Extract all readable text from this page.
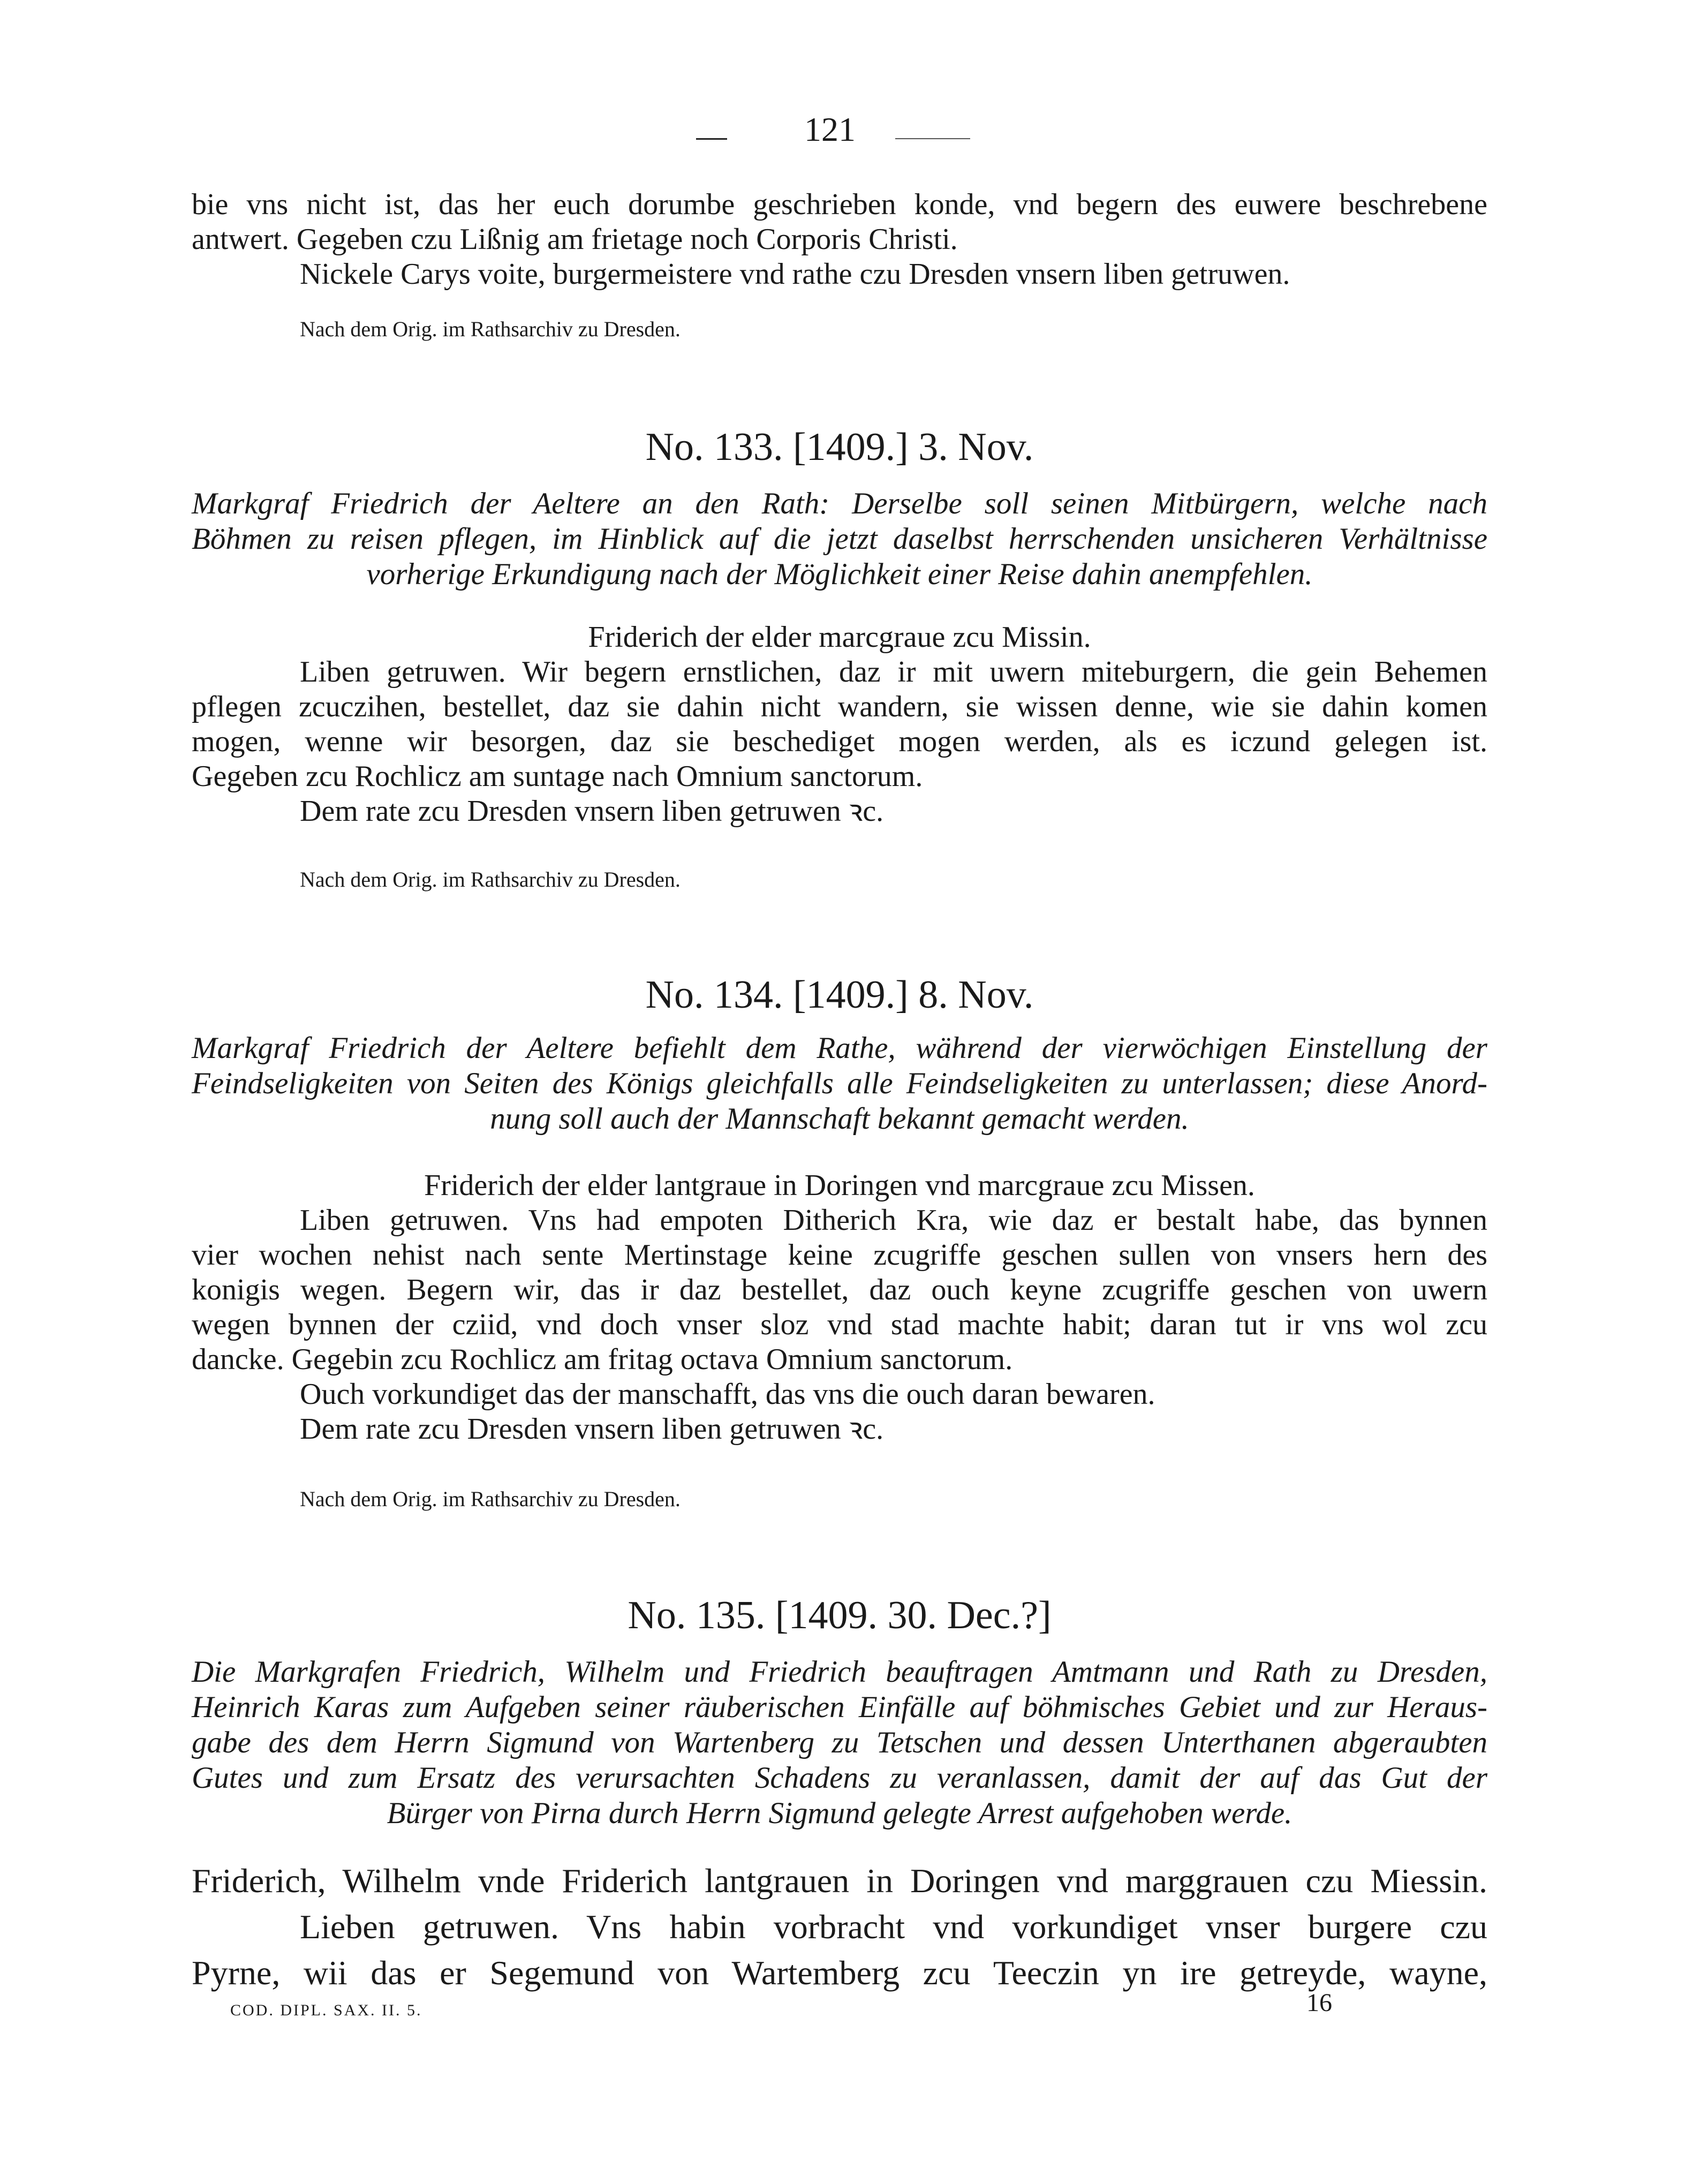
121
bie vns nicht ist, das her euch dorumbe geschrieben konde, vnd begern des euwere beschrebene
antwert. Gegeben czu Lißnig am frietage noch Corporis Christi.
Nickele Carys voite, burgermeistere vnd rathe czu Dresden vnsern liben getruwen.
Nach dem Orig. im Rathsarchiv zu Dresden.
No. 133. [1409.] 3. Nov.
Markgraf Friedrich der Aeltere an den Rath: Derselbe soll seinen Mitbürgern, welche nach
Böhmen zu reisen pflegen, im Hinblick auf die jetzt daselbst herrschenden unsicheren Verhältnisse
vorherige Erkundigung nach der Möglichkeit einer Reise dahin anempfehlen.
Friderich der elder marcgraue zcu Missin.
Liben getruwen. Wir begern ernstlichen, daz ir mit uwern miteburgern, die gein Behemen
pflegen zcuczihen, bestellet, daz sie dahin nicht wandern, sie wissen denne, wie sie dahin komen
mogen, wenne wir besorgen, daz sie beschediget mogen werden, als es iczund gelegen ist.
Gegeben zcu Rochlicz am suntage nach Omnium sanctorum.
Dem rate zcu Dresden vnsern liben getruwen ꝛc.
Nach dem Orig. im Rathsarchiv zu Dresden.
No. 134. [1409.] 8. Nov.
Markgraf Friedrich der Aeltere befiehlt dem Rathe, während der vierwöchigen Einstellung der
Feindseligkeiten von Seiten des Königs gleichfalls alle Feindseligkeiten zu unterlassen; diese Anord-
nung soll auch der Mannschaft bekannt gemacht werden.
Friderich der elder lantgraue in Doringen vnd marcgraue zcu Missen.
Liben getruwen. Vns had empoten Ditherich Kra, wie daz er bestalt habe, das bynnen
vier wochen nehist nach sente Mertinstage keine zcugriffe geschen sullen von vnsers hern des
konigis wegen. Begern wir, das ir daz bestellet, daz ouch keyne zcugriffe geschen von uwern
wegen bynnen der cziid, vnd doch vnser sloz vnd stad machte habit; daran tut ir vns wol zcu
dancke. Gegebin zcu Rochlicz am fritag octava Omnium sanctorum.
Ouch vorkundiget das der manschafft, das vns die ouch daran bewaren.
Dem rate zcu Dresden vnsern liben getruwen ꝛc.
Nach dem Orig. im Rathsarchiv zu Dresden.
No. 135. [1409. 30. Dec.?]
Die Markgrafen Friedrich, Wilhelm und Friedrich beauftragen Amtmann und Rath zu Dresden,
Heinrich Karas zum Aufgeben seiner räuberischen Einfälle auf böhmisches Gebiet und zur Heraus-
gabe des dem Herrn Sigmund von Wartenberg zu Tetschen und dessen Unterthanen abgeraubten
Gutes und zum Ersatz des verursachten Schadens zu veranlassen, damit der auf das Gut der
Bürger von Pirna durch Herrn Sigmund gelegte Arrest aufgehoben werde.
Friderich, Wilhelm vnde Friderich lantgrauen in Doringen vnd marggrauen czu Miessin.
Lieben getruwen. Vns habin vorbracht vnd vorkundiget vnser burgere czu
Pyrne, wii das er Segemund von Wartemberg zcu Teeczin yn ire getreyde, wayne,
COD. DIPL. SAX. II. 5.	16
